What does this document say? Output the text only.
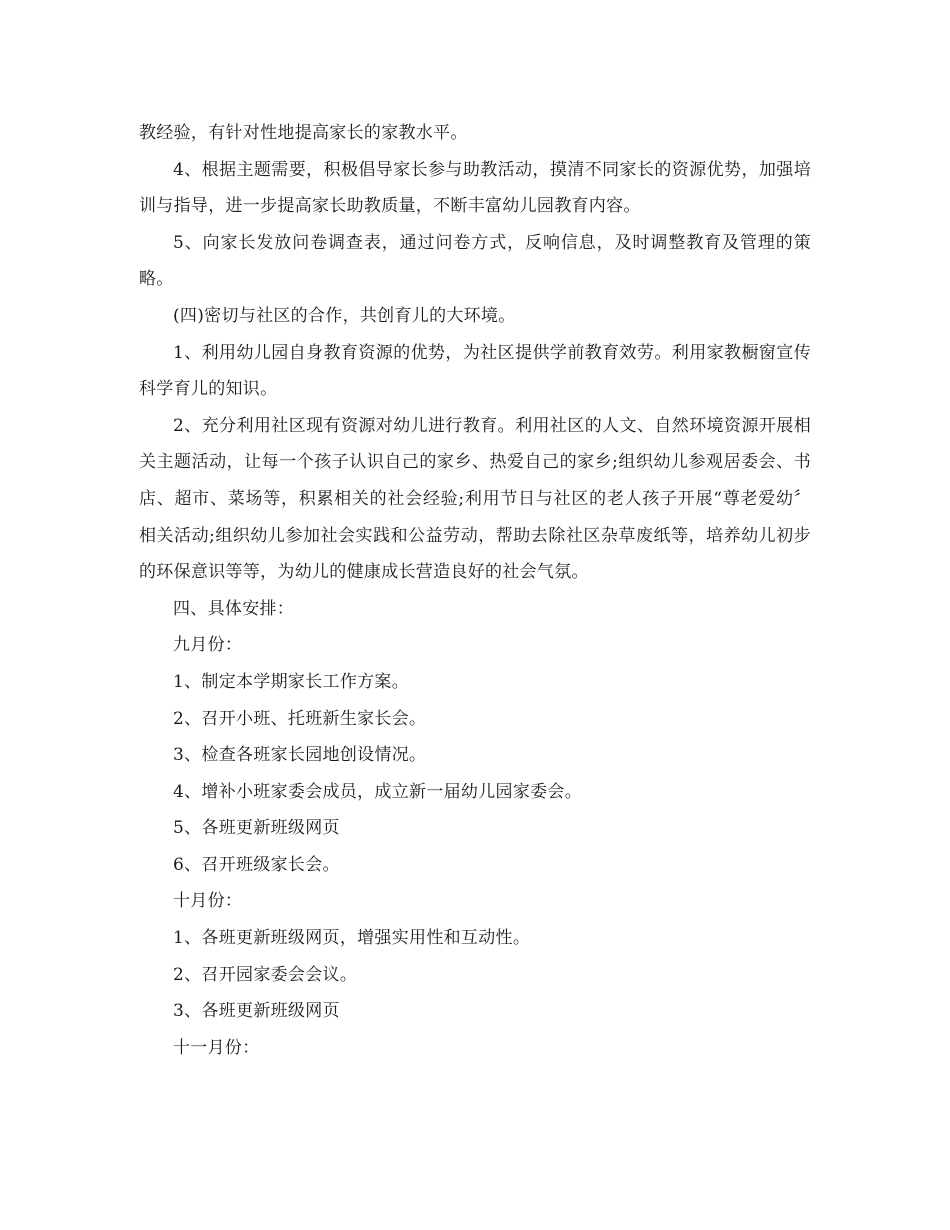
教经验，有针对性地提高家长的家教水平。

4、根据主题需要，积极倡导家长参与助教活动，摸清不同家长的资源优势，加强培训与指导，进一步提高家长助教质量，不断丰富幼儿园教育内容。

5、向家长发放问卷调查表，通过问卷方式，反响信息，及时调整教育及管理的策略。

(四)密切与社区的合作，共创育儿的大环境。

1、利用幼儿园自身教育资源的优势，为社区提供学前教育效劳。利用家教橱窗宣传科学育儿的知识。

2、充分利用社区现有资源对幼儿进行教育。利用社区的人文、自然环境资源开展相关主题活动，让每一个孩子认识自己的家乡、热爱自己的家乡;组织幼儿参观居委会、书店、超市、菜场等，积累相关的社会经验;利用节日与社区的老人孩子开展“尊老爱幼〞相关活动;组织幼儿参加社会实践和公益劳动，帮助去除社区杂草废纸等，培养幼儿初步的环保意识等等，为幼儿的健康成长营造良好的社会气氛。

四、具体安排：

九月份：

1、制定本学期家长工作方案。

2、召开小班、托班新生家长会。

3、检查各班家长园地创设情况。

4、增补小班家委会成员，成立新一届幼儿园家委会。

5、各班更新班级网页

6、召开班级家长会。

十月份：

1、各班更新班级网页，增强实用性和互动性。

2、召开园家委会会议。

3、各班更新班级网页

十一月份：
